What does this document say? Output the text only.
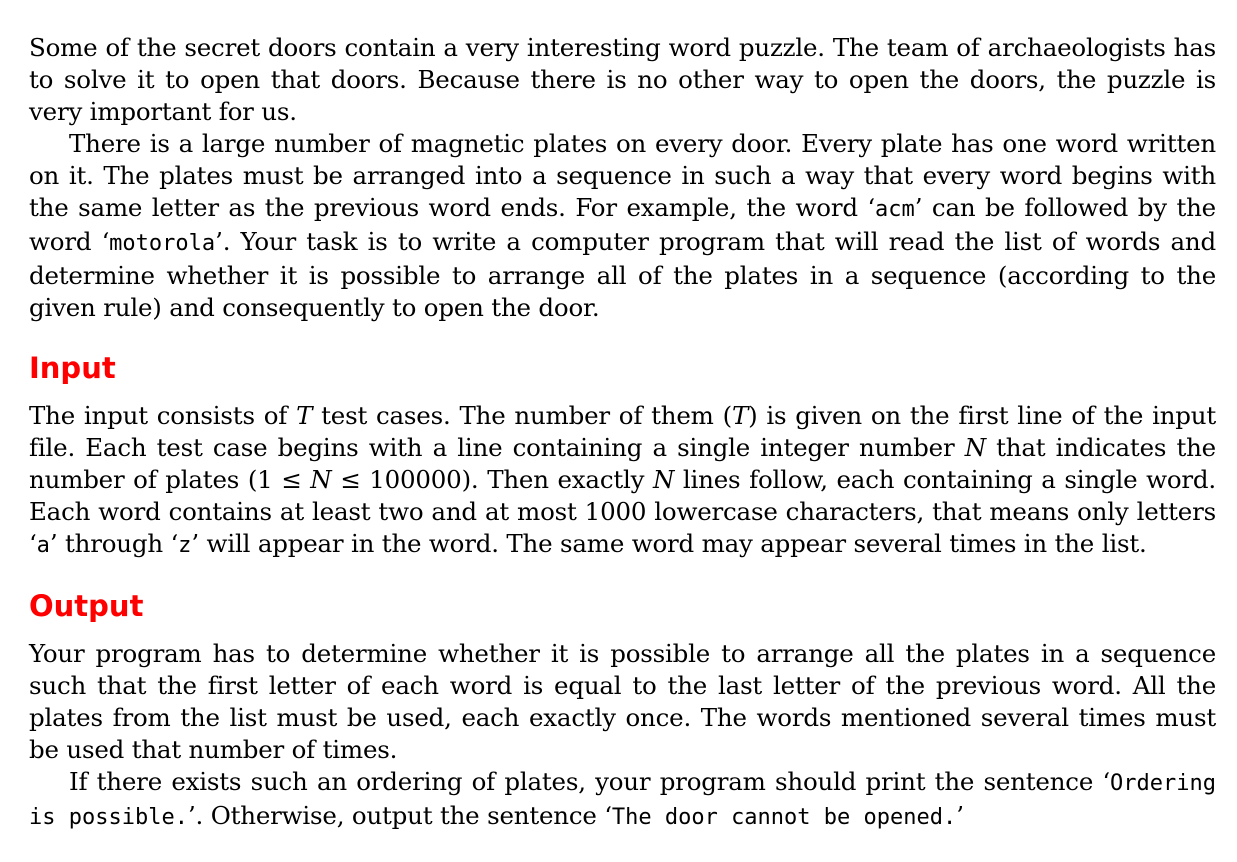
Some of the secret doors contain a very interesting word puzzle. The team of archaeologists has to solve it to open that doors. Because there is no other way to open the doors, the puzzle is very important for us.

There is a large number of magnetic plates on every door. Every plate has one word written on it. The plates must be arranged into a sequence in such a way that every word begins with the same letter as the previous word ends. For example, the word ‘acm’ can be followed by the word ‘motorola’. Your task is to write a computer program that will read the list of words and determine whether it is possible to arrange all of the plates in a sequence (according to the given rule) and consequently to open the door.

Input

The input consists of T test cases. The number of them (T) is given on the first line of the input file. Each test case begins with a line containing a single integer number N that indicates the number of plates (1 ≤ N ≤ 100000). Then exactly N lines follow, each containing a single word. Each word contains at least two and at most 1000 lowercase characters, that means only letters ‘a’ through ‘z’ will appear in the word. The same word may appear several times in the list.

Output

Your program has to determine whether it is possible to arrange all the plates in a sequence such that the first letter of each word is equal to the last letter of the previous word. All the plates from the list must be used, each exactly once. The words mentioned several times must be used that number of times.

If there exists such an ordering of plates, your program should print the sentence ‘Ordering is possible.’. Otherwise, output the sentence ‘The door cannot be opened.’
